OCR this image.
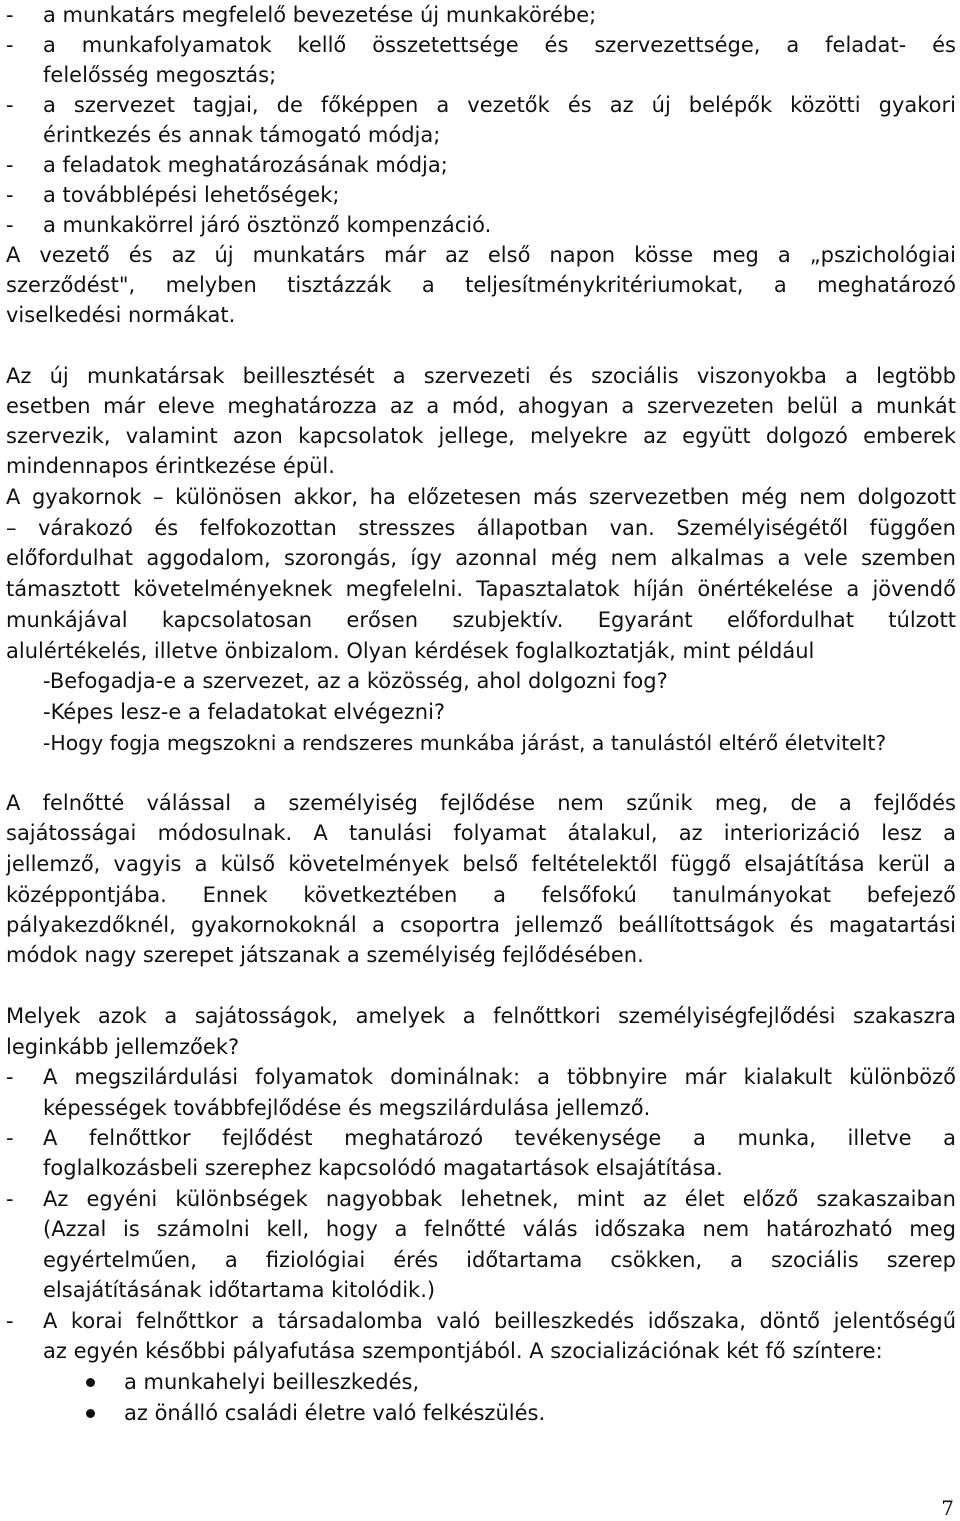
- a munkatárs megfelelő bevezetése új munkakörébe;
- a munkafolyamatok kellő összetettsége és szervezettsége, a feladat- és
felelősség megosztás;
- a szervezet tagjai, de főképpen a vezetők és az új belépők közötti gyakori
érintkezés és annak támogató módja;
- a feladatok meghatározásának módja;
- a továbblépési lehetőségek;
- a munkakörrel járó ösztönző kompenzáció.
A vezető és az új munkatárs már az első napon kösse meg a „pszichológiai
szerződést", melyben tisztázzák a teljesítménykritériumokat, a meghatározó
viselkedési normákat.
Az új munkatársak beillesztését a szervezeti és szociális viszonyokba a legtöbb
esetben már eleve meghatározza az a mód, ahogyan a szervezeten belül a munkát
szervezik, valamint azon kapcsolatok jellege, melyekre az együtt dolgozó emberek
mindennapos érintkezése épül.
A gyakornok – különösen akkor, ha előzetesen más szervezetben még nem dolgozott
– várakozó és felfokozottan stresszes állapotban van. Személyiségétől függően
előfordulhat aggodalom, szorongás, így azonnal még nem alkalmas a vele szemben
támasztott követelményeknek megfelelni. Tapasztalatok híján önértékelése a jövendő
munkájával kapcsolatosan erősen szubjektív. Egyaránt előfordulhat túlzott
alulértékelés, illetve önbizalom. Olyan kérdések foglalkoztatják, mint például
-Befogadja-e a szervezet, az a közösség, ahol dolgozni fog?
-Képes lesz-e a feladatokat elvégezni?
-Hogy fogja megszokni a rendszeres munkába járást, a tanulástól eltérő életvitelt?
A felnőtté válással a személyiség fejlődése nem szűnik meg, de a fejlődés
sajátosságai módosulnak. A tanulási folyamat átalakul, az interiorizáció lesz a
jellemző, vagyis a külső követelmények belső feltételektől függő elsajátítása kerül a
középpontjába. Ennek következtében a felsőfokú tanulmányokat befejező
pályakezdőknél, gyakornokoknál a csoportra jellemző beállítottságok és magatartási
módok nagy szerepet játszanak a személyiség fejlődésében.
Melyek azok a sajátosságok, amelyek a felnőttkori személyiségfejlődési szakaszra
leginkább jellemzőek?
- A megszilárdulási folyamatok dominálnak: a többnyire már kialakult különböző
képességek továbbfejlődése és megszilárdulása jellemző.
- A felnőttkor fejlődést meghatározó tevékenysége a munka, illetve a
foglalkozásbeli szerephez kapcsolódó magatartások elsajátítása.
- Az egyéni különbségek nagyobbak lehetnek, mint az élet előző szakaszaiban
(Azzal is számolni kell, hogy a felnőtté válás időszaka nem határozható meg
egyértelműen, a fiziológiai érés időtartama csökken, a szociális szerep
elsajátításának időtartama kitolódik.)
- A korai felnőttkor a társadalomba való beilleszkedés időszaka, döntő jelentőségű
az egyén későbbi pályafutása szempontjából. A szocializációnak két fő színtere:
a munkahelyi beilleszkedés,
az önálló családi életre való felkészülés.
7
